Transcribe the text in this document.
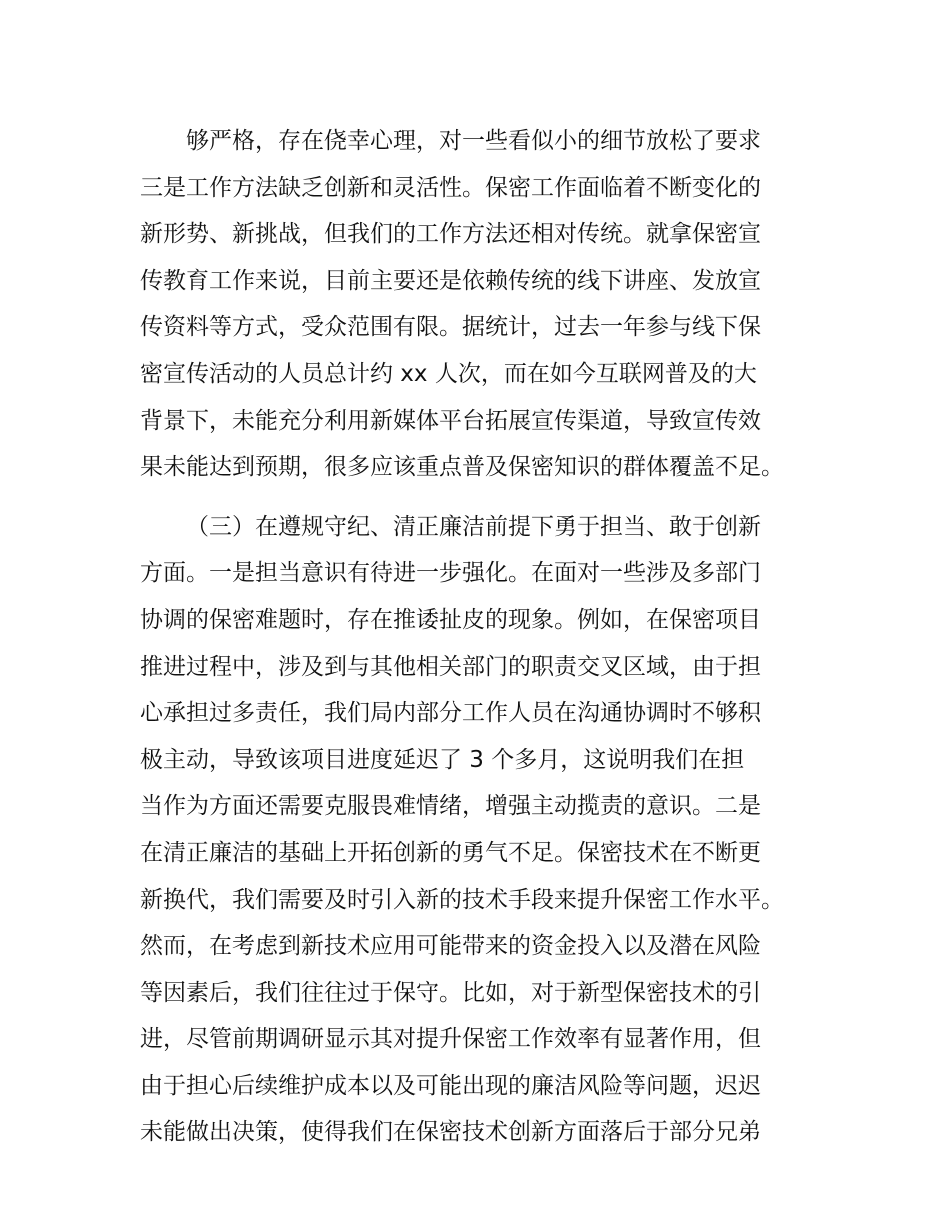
够严格，存在侥幸心理，对一些看似小的细节放松了要求
三是工作方法缺乏创新和灵活性。保密工作面临着不断变化的
新形势、新挑战，但我们的工作方法还相对传统。就拿保密宣
传教育工作来说，目前主要还是依赖传统的线下讲座、发放宣
传资料等方式，受众范围有限。据统计，过去一年参与线下保
密宣传活动的人员总计约 xx 人次，而在如今互联网普及的大
背景下，未能充分利用新媒体平台拓展宣传渠道，导致宣传效
果未能达到预期，很多应该重点普及保密知识的群体覆盖不足。
（三）在遵规守纪、清正廉洁前提下勇于担当、敢于创新
方面。一是担当意识有待进一步强化。在面对一些涉及多部门
协调的保密难题时，存在推诿扯皮的现象。例如，在保密项目
推进过程中，涉及到与其他相关部门的职责交叉区域，由于担
心承担过多责任，我们局内部分工作人员在沟通协调时不够积
极主动，导致该项目进度延迟了 3 个多月，这说明我们在担
当作为方面还需要克服畏难情绪，增强主动揽责的意识。二是
在清正廉洁的基础上开拓创新的勇气不足。保密技术在不断更
新换代，我们需要及时引入新的技术手段来提升保密工作水平。
然而，在考虑到新技术应用可能带来的资金投入以及潜在风险
等因素后，我们往往过于保守。比如，对于新型保密技术的引
进，尽管前期调研显示其对提升保密工作效率有显著作用，但
由于担心后续维护成本以及可能出现的廉洁风险等问题，迟迟
未能做出决策，使得我们在保密技术创新方面落后于部分兄弟
